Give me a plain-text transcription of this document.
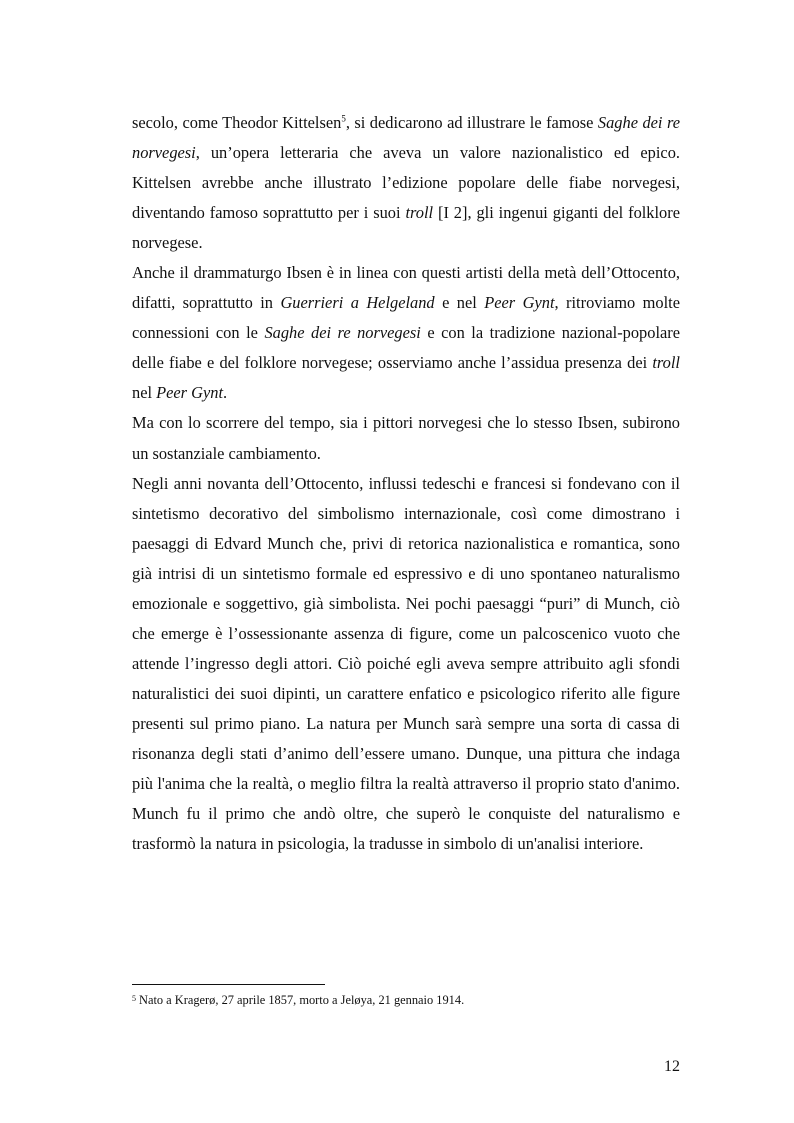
secolo, come Theodor Kittelsen$^5$, si dedicarono ad illustrare le famose Saghe dei re norvegesi, un’opera letteraria che aveva un valore nazionalistico ed epico. Kittelsen avrebbe anche illustrato l’edizione popolare delle fiabe norvegesi, diventando famoso soprattutto per i suoi troll [I 2], gli ingenui giganti del folklore norvegese.

Anche il drammaturgo Ibsen è in linea con questi artisti della metà dell’Ottocento, difatti, soprattutto in Guerrieri a Helgeland e nel Peer Gynt, ritroviamo molte connessioni con le Saghe dei re norvegesi e con la tradizione nazional-popolare delle fiabe e del folklore norvegese; osserviamo anche l’assidua presenza dei troll nel Peer Gynt.

Ma con lo scorrere del tempo, sia i pittori norvegesi che lo stesso Ibsen, subirono un sostanziale cambiamento.

Negli anni novanta dell’Ottocento, influssi tedeschi e francesi si fondevano con il sintetismo decorativo del simbolismo internazionale, così come dimostrano i paesaggi di Edvard Munch che, privi di retorica nazionalistica e romantica, sono già intrisi di un sintetismo formale ed espressivo e di uno spontaneo naturalismo emozionale e soggettivo, già simbolista. Nei pochi paesaggi “puri” di Munch, ciò che emerge è l’ossessionante assenza di figure, come un palcoscenico vuoto che attende l’ingresso degli attori. Ciò poiché egli aveva sempre attribuito agli sfondi naturalistici dei suoi dipinti, un carattere enfatico e psicologico riferito alle figure presenti sul primo piano. La natura per Munch sarà sempre una sorta di cassa di risonanza degli stati d’animo dell’essere umano. Dunque, una pittura che indaga più l'anima che la realtà, o meglio filtra la realtà attraverso il proprio stato d'animo. Munch fu il primo che andò oltre, che superò le conquiste del naturalismo e trasformò la natura in psicologia, la tradusse in simbolo di un'analisi interiore.

$^5$ Nato a Kragerø, 27 aprile 1857, morto a Jeløya, 21 gennaio 1914.
12
